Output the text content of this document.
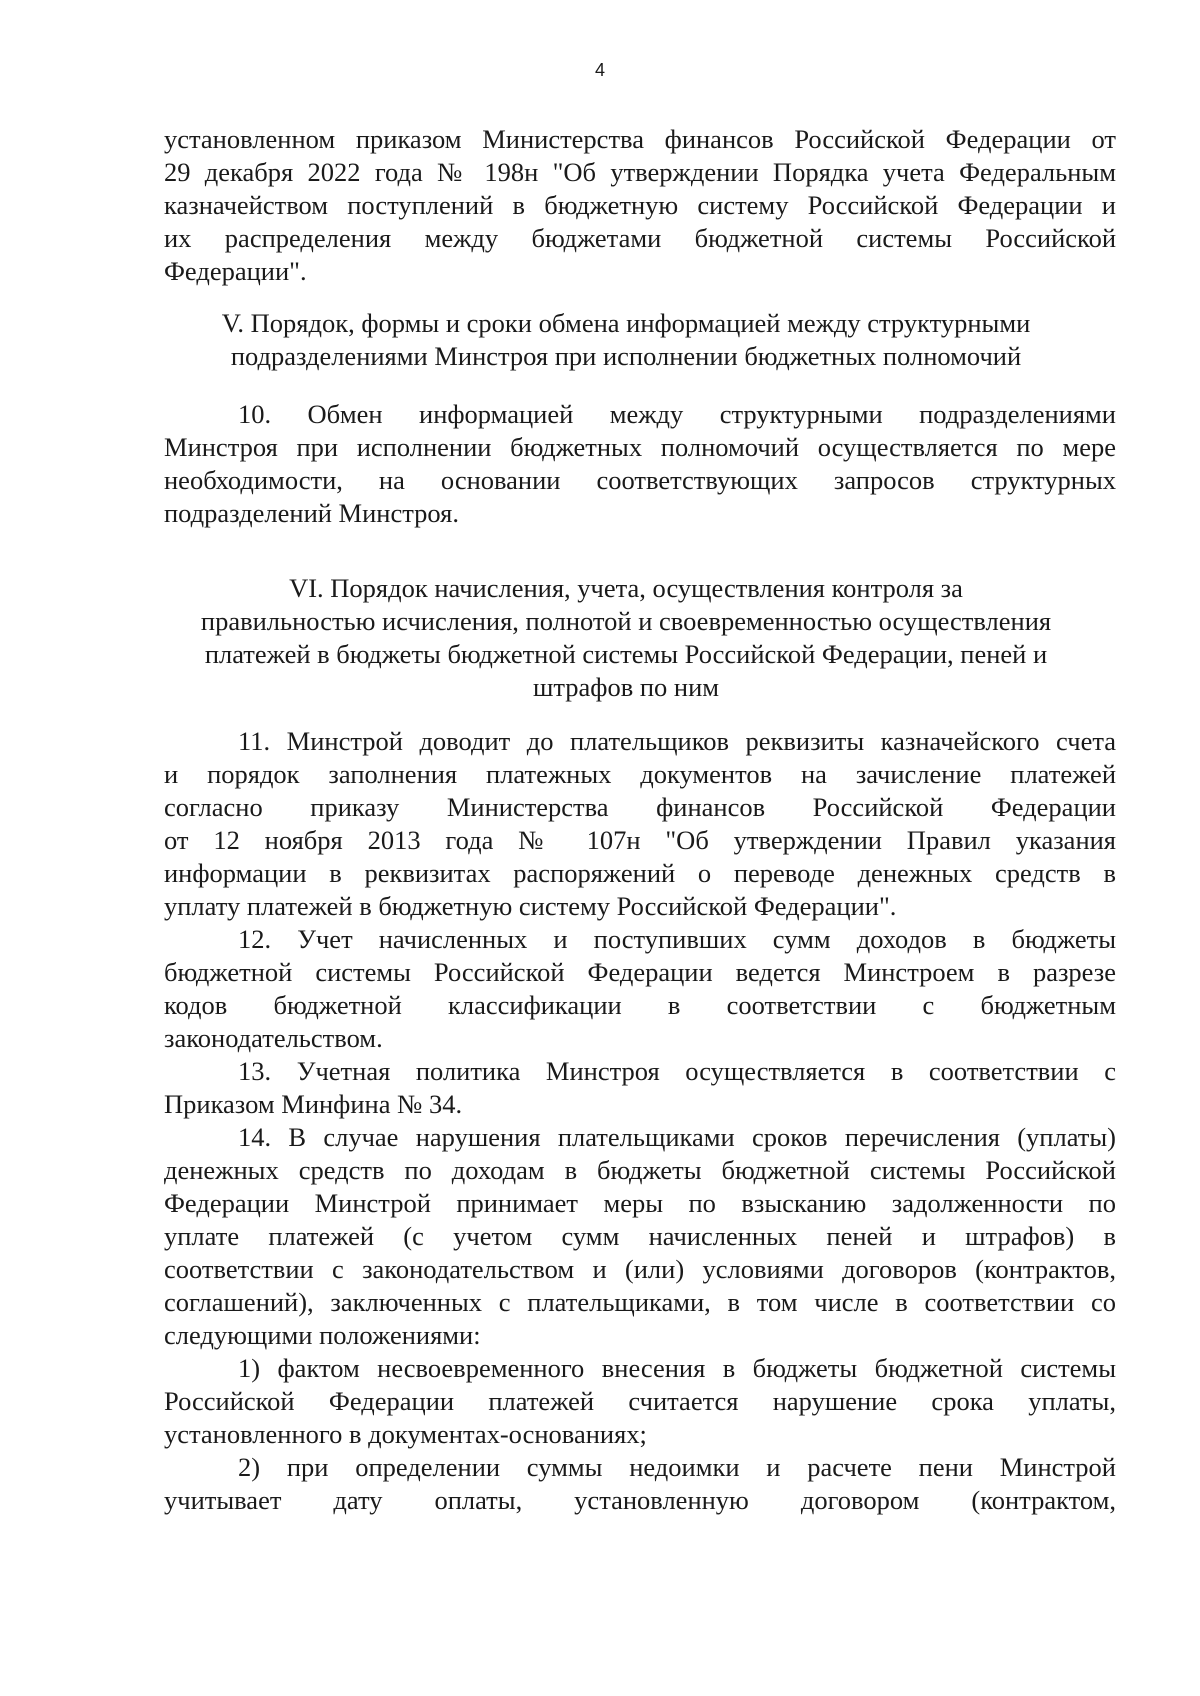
4
установленном приказом Министерства финансов Российской Федерации от
29 декабря 2022 года № 198н "Об утверждении Порядка учета Федеральным
казначейством поступлений в бюджетную систему Российской Федерации и
их распределения между бюджетами бюджетной системы Российской
Федерации".
V. Порядок, формы и сроки обмена информацией между структурными
подразделениями Минстроя при исполнении бюджетных полномочий
10. Обмен информацией между структурными подразделениями
Минстроя при исполнении бюджетных полномочий осуществляется по мере
необходимости, на основании соответствующих запросов структурных
подразделений Минстроя.
VI. Порядок начисления, учета, осуществления контроля за
правильностью исчисления, полнотой и своевременностью осуществления
платежей в бюджеты бюджетной системы Российской Федерации, пеней и
штрафов по ним
11. Минстрой доводит до плательщиков реквизиты казначейского счета
и порядок заполнения платежных документов на зачисление платежей
согласно приказу Министерства финансов Российской Федерации
от 12 ноября 2013 года № 107н "Об утверждении Правил указания
информации в реквизитах распоряжений о переводе денежных средств в
уплату платежей в бюджетную систему Российской Федерации".
12. Учет начисленных и поступивших сумм доходов в бюджеты
бюджетной системы Российской Федерации ведется Минстроем в разрезе
кодов бюджетной классификации в соответствии с бюджетным
законодательством.
13. Учетная политика Минстроя осуществляется в соответствии с
Приказом Минфина № 34.
14. В случае нарушения плательщиками сроков перечисления (уплаты)
денежных средств по доходам в бюджеты бюджетной системы Российской
Федерации Минстрой принимает меры по взысканию задолженности по
уплате платежей (с учетом сумм начисленных пеней и штрафов) в
соответствии с законодательством и (или) условиями договоров (контрактов,
соглашений), заключенных с плательщиками, в том числе в соответствии со
следующими положениями:
1) фактом несвоевременного внесения в бюджеты бюджетной системы
Российской Федерации платежей считается нарушение срока уплаты,
установленного в документах-основаниях;
2) при определении суммы недоимки и расчете пени Минстрой
учитывает дату оплаты, установленную договором (контрактом,
